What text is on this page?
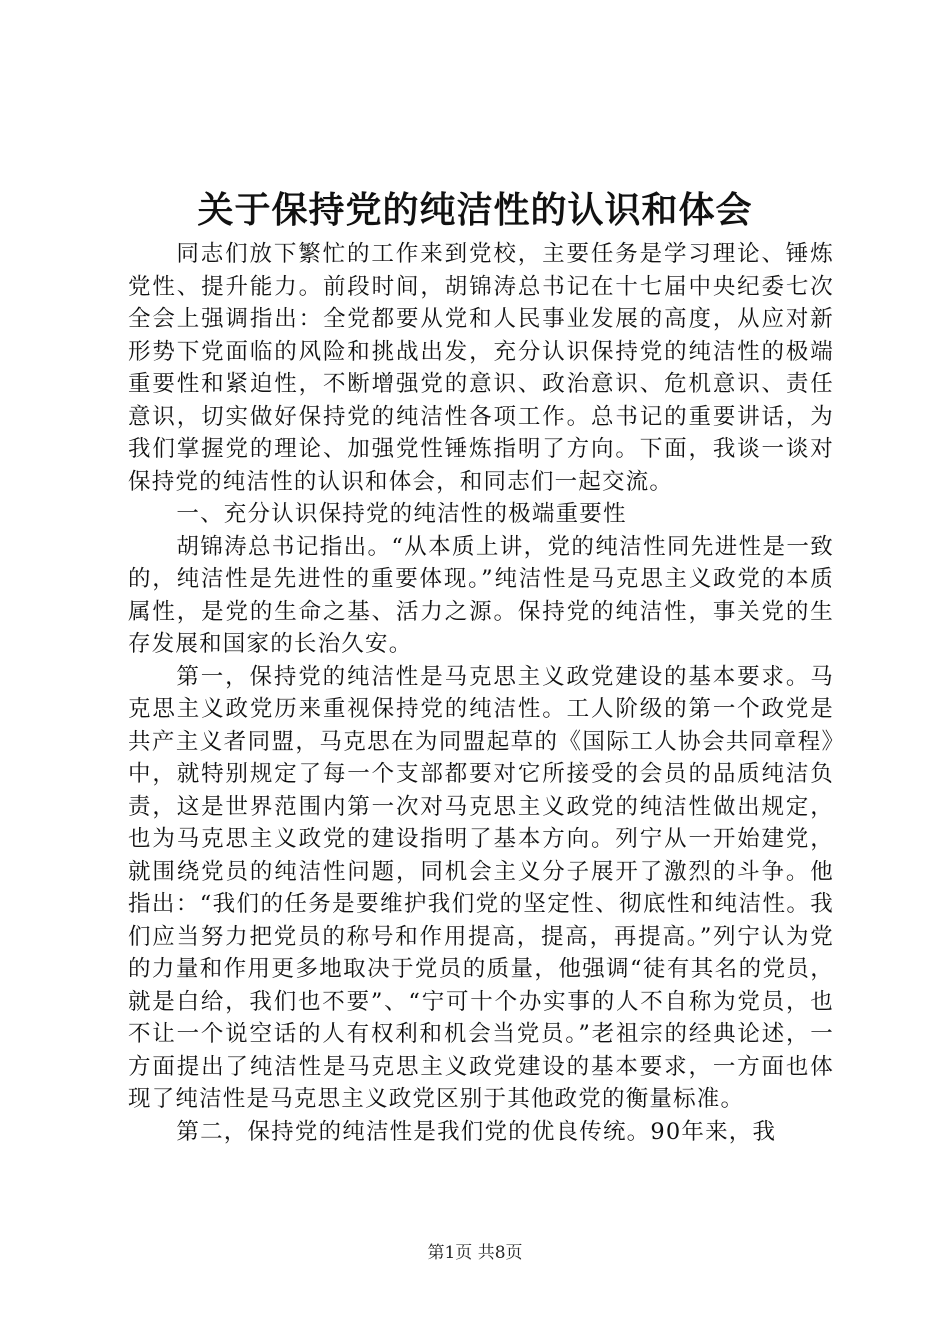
关于保持党的纯洁性的认识和体会

同志们放下繁忙的工作来到党校，主要任务是学习理论、锤炼党性、提升能力。前段时间，胡锦涛总书记在十七届中央纪委七次全会上强调指出：全党都要从党和人民事业发展的高度，从应对新形势下党面临的风险和挑战出发，充分认识保持党的纯洁性的极端重要性和紧迫性，不断增强党的意识、政治意识、危机意识、责任意识，切实做好保持党的纯洁性各项工作。总书记的重要讲话，为我们掌握党的理论、加强党性锤炼指明了方向。下面，我谈一谈对保持党的纯洁性的认识和体会，和同志们一起交流。

一、充分认识保持党的纯洁性的极端重要性

胡锦涛总书记指出。“从本质上讲，党的纯洁性同先进性是一致的，纯洁性是先进性的重要体现。”纯洁性是马克思主义政党的本质属性，是党的生命之基、活力之源。保持党的纯洁性，事关党的生存发展和国家的长治久安。

第一，保持党的纯洁性是马克思主义政党建设的基本要求。马克思主义政党历来重视保持党的纯洁性。工人阶级的第一个政党是共产主义者同盟，马克思在为同盟起草的《国际工人协会共同章程》中，就特别规定了每一个支部都要对它所接受的会员的品质纯洁负责，这是世界范围内第一次对马克思主义政党的纯洁性做出规定，也为马克思主义政党的建设指明了基本方向。列宁从一开始建党，就围绕党员的纯洁性问题，同机会主义分子展开了激烈的斗争。他指出：“我们的任务是要维护我们党的坚定性、彻底性和纯洁性。我们应当努力把党员的称号和作用提高，提高，再提高。”列宁认为党的力量和作用更多地取决于党员的质量，他强调“徒有其名的党员，就是白给，我们也不要”、“宁可十个办实事的人不自称为党员，也不让一个说空话的人有权利和机会当党员。”老祖宗的经典论述，一方面提出了纯洁性是马克思主义政党建设的基本要求，一方面也体现了纯洁性是马克思主义政党区别于其他政党的衡量标准。

第二，保持党的纯洁性是我们党的优良传统。90年来，我

第1页 共8页
